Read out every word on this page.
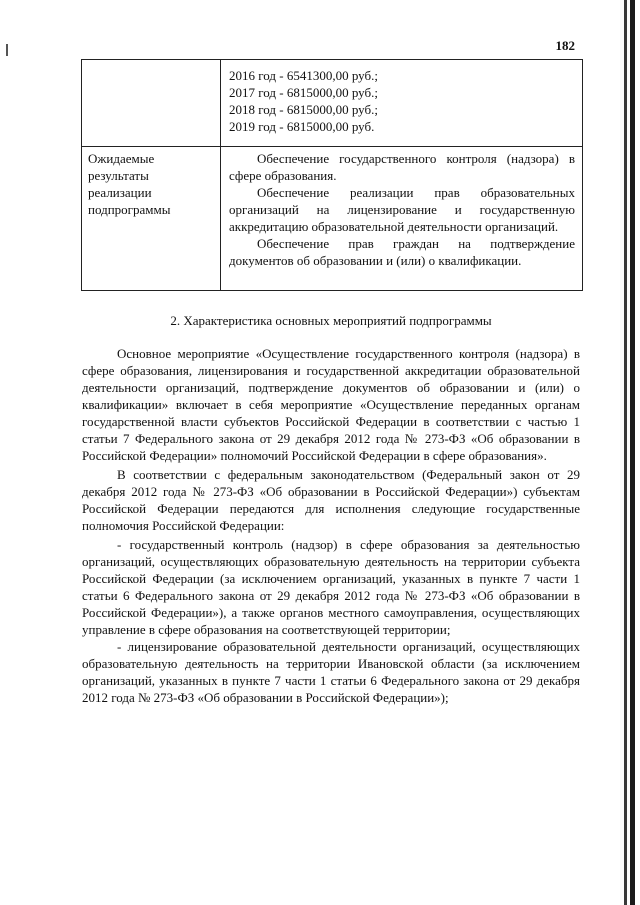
182
2016 год - 6541300,00 руб.;
2017 год - 6815000,00 руб.;
2018 год - 6815000,00 руб.;
2019 год - 6815000,00 руб.
Ожидаемые результаты реализации подпрограммы

Обеспечение государственного контроля (надзора) в сфере образования.

Обеспечение реализации прав образовательных организаций на лицензирование и государственную аккредитацию образовательной деятельности организаций.

Обеспечение прав граждан на подтверждение документов об образовании и (или) о квалификации.

2. Характеристика основных мероприятий подпрограммы

Основное мероприятие «Осуществление государственного контроля (надзора) в сфере образования, лицензирования и государственной аккредитации образовательной деятельности организаций, подтверждение документов об образовании и (или) о квалификации» включает в себя мероприятие «Осуществление переданных органам государственной власти субъектов Российской Федерации в соответствии с частью 1 статьи 7 Федерального закона от 29 декабря 2012 года № 273-ФЗ «Об образовании в Российской Федерации» полномочий Российской Федерации в сфере образования».

В соответствии с федеральным законодательством (Федеральный закон от 29 декабря 2012 года № 273-ФЗ «Об образовании в Российской Федерации») субъектам Российской Федерации передаются для исполнения следующие государственные полномочия Российской Федерации:

- государственный контроль (надзор) в сфере образования за деятельностью организаций, осуществляющих образовательную деятельность на территории субъекта Российской Федерации (за исключением организаций, указанных в пункте 7 части 1 статьи 6 Федерального закона от 29 декабря 2012 года № 273-ФЗ «Об образовании в Российской Федерации»), а также органов местного самоуправления, осуществляющих управление в сфере образования на соответствующей территории;

- лицензирование образовательной деятельности организаций, осуществляющих образовательную деятельность на территории Ивановской области (за исключением организаций, указанных в пункте 7 части 1 статьи 6 Федерального закона от 29 декабря 2012 года № 273-ФЗ «Об образовании в Российской Федерации»);
